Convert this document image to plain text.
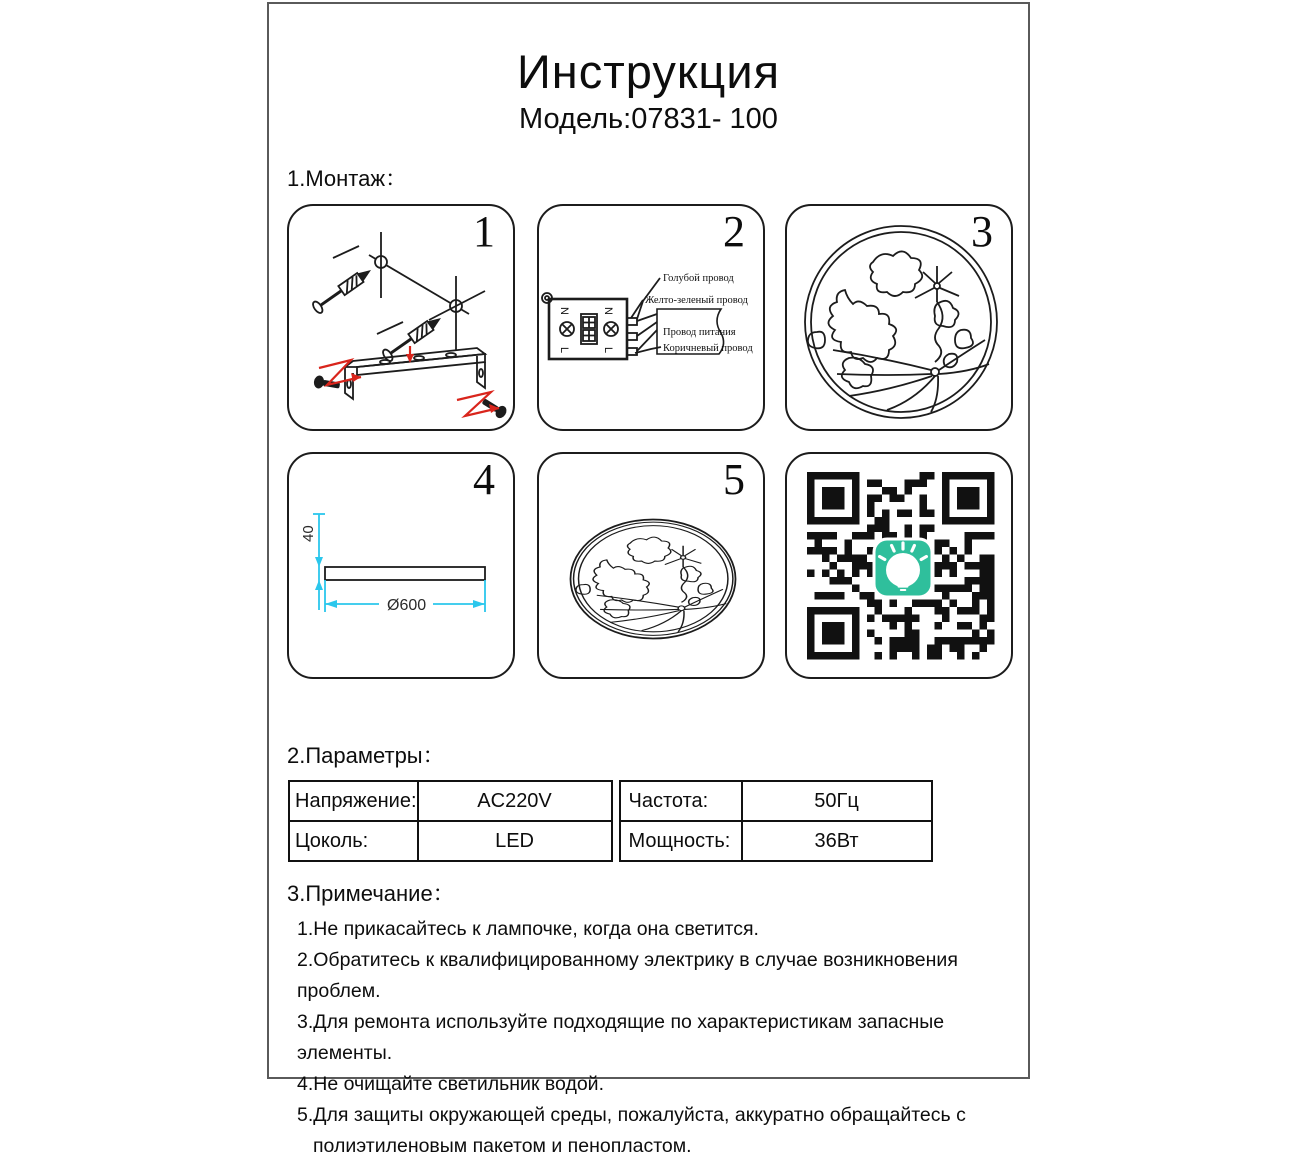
Инструкция
Модель:07831- 100
1.Монтаж：
1
N
L
N
L
Голубой провод
Желто-зеленый провод
Провод питания
Коричневый провод
2	3
40
Ø600
4	5
2.Параметры：
Напряжение:	AC220V
Цоколь:	LED
Частота:	50Гц
Мощность:	36Вт
3.Примечание：
1.Не прикасайтесь к лампочке, когда она светится.
2.Обратитесь к квалифицированному электрику в случае возникновения проблем.
3.Для ремонта используйте подходящие по характеристикам запасные элементы.
4.Не очищайте светильник водой.
5.Для защиты окружающей среды, пожалуйста, аккуратно обращайтесь с
полиэтиленовым пакетом и пенопластом.
